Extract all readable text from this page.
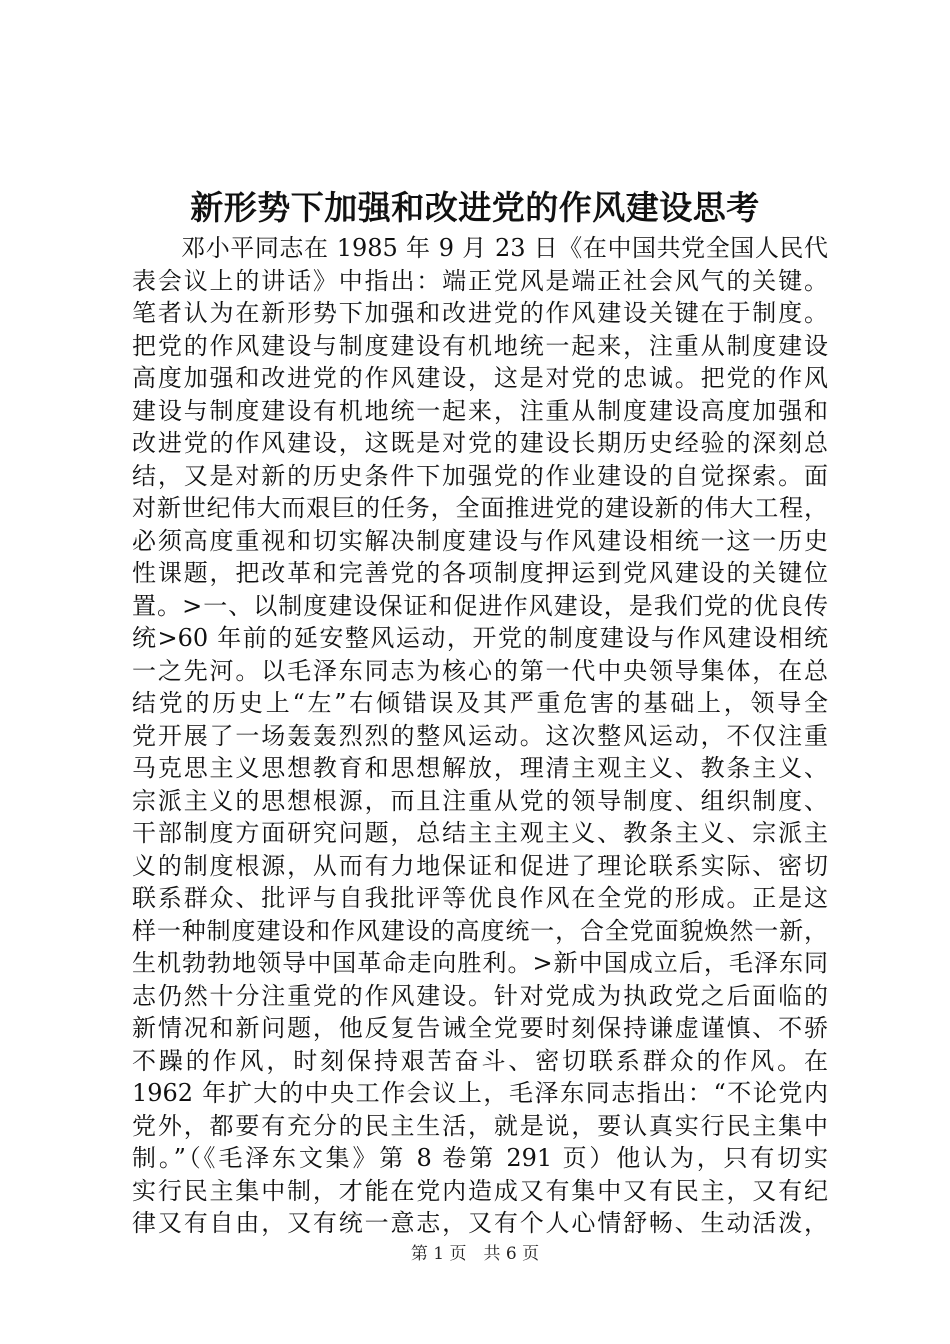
新形势下加强和改进党的作风建设思考
　　邓小平同志在 1985 年 9 月 23 日《在中国共党全国人民代
表会议上的讲话》中指出：端正党风是端正社会风气的关键。
笔者认为在新形势下加强和改进党的作风建设关键在于制度。
把党的作风建设与制度建设有机地统一起来，注重从制度建设
高度加强和改进党的作风建设，这是对党的忠诚。把党的作风
建设与制度建设有机地统一起来，注重从制度建设高度加强和
改进党的作风建设，这既是对党的建设长期历史经验的深刻总
结，又是对新的历史条件下加强党的作业建设的自觉探索。面
对新世纪伟大而艰巨的任务，全面推进党的建设新的伟大工程，
必须高度重视和切实解决制度建设与作风建设相统一这一历史
性课题，把改革和完善党的各项制度押运到党风建设的关键位
置。>一、以制度建设保证和促进作风建设，是我们党的优良传
统>60 年前的延安整风运动，开党的制度建设与作风建设相统
一之先河。以毛泽东同志为核心的第一代中央领导集体，在总
结党的历史上“左”右倾错误及其严重危害的基础上，领导全
党开展了一场轰轰烈烈的整风运动。这次整风运动，不仅注重
马克思主义思想教育和思想解放，理清主观主义、教条主义、
宗派主义的思想根源，而且注重从党的领导制度、组织制度、
干部制度方面研究问题，总结主主观主义、教条主义、宗派主
义的制度根源，从而有力地保证和促进了理论联系实际、密切
联系群众、批评与自我批评等优良作风在全党的形成。正是这
样一种制度建设和作风建设的高度统一，合全党面貌焕然一新，
生机勃勃地领导中国革命走向胜利。>新中国成立后，毛泽东同
志仍然十分注重党的作风建设。针对党成为执政党之后面临的
新情况和新问题，他反复告诫全党要时刻保持谦虚谨慎、不骄
不躁的作风，时刻保持艰苦奋斗、密切联系群众的作风。在
1962 年扩大的中央工作会议上，毛泽东同志指出：“不论党内
党外，都要有充分的民主生活，就是说，要认真实行民主集中
制。”（《毛泽东文集》第 8 卷第 291 页）他认为，只有切实
实行民主集中制，才能在党内造成又有集中又有民主，又有纪
律又有自由，又有统一意志，又有个人心情舒畅、生动活泼，
第 1 页　共 6 页
